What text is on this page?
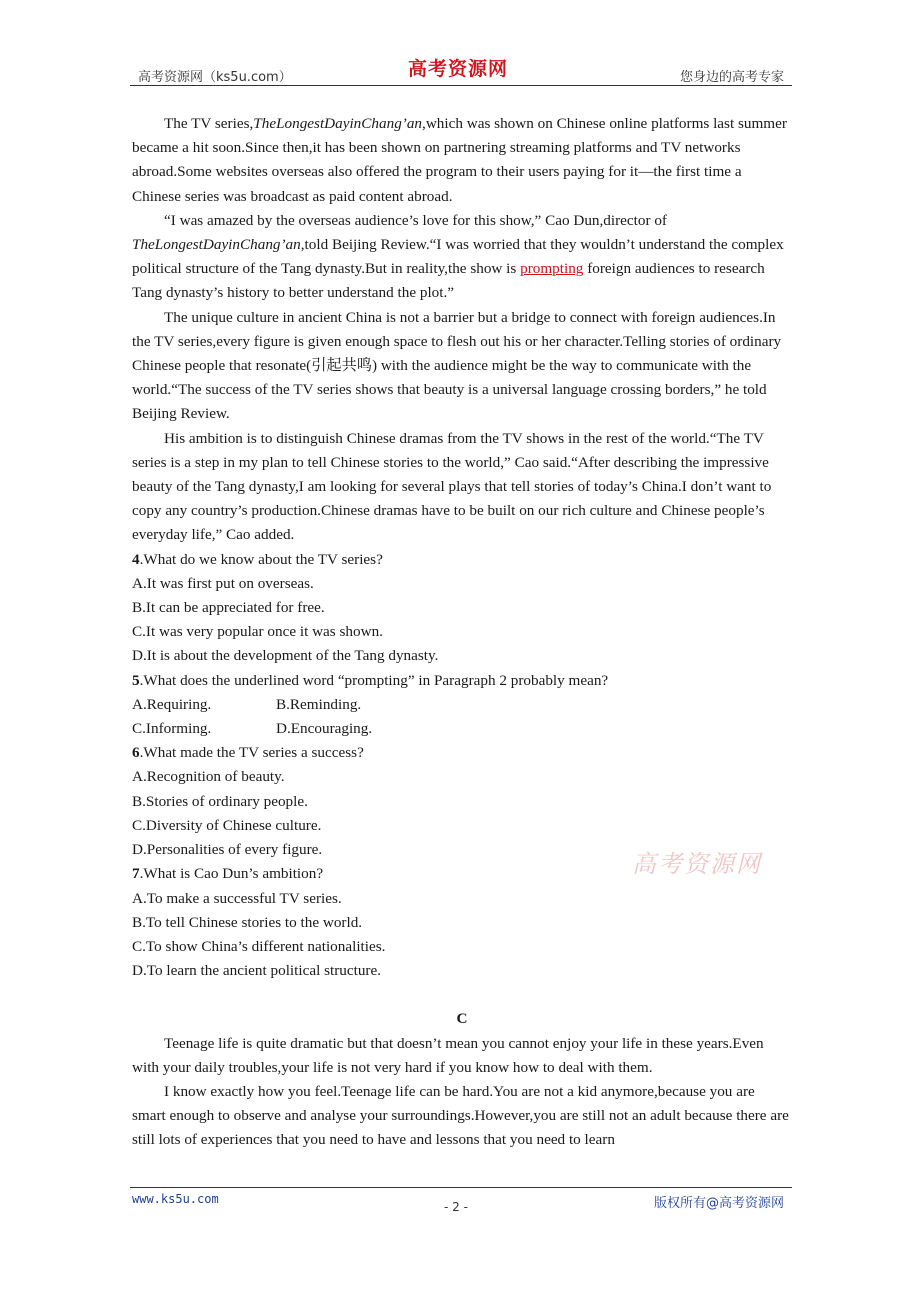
高考资源网（ks5u.com）	高考资源网	您身边的高考专家

The TV series,TheLongestDayinChang’an,which was shown on Chinese online platforms last summer became a hit soon.Since then,it has been shown on partnering streaming platforms and TV networks abroad.Some websites overseas also offered the program to their users paying for it—the first time a Chinese series was broadcast as paid content abroad.

“I was amazed by the overseas audience’s love for this show,” Cao Dun,director of TheLongestDayinChang’an,told Beijing Review.“I was worried that they wouldn’t understand the complex political structure of the Tang dynasty.But in reality,the show is prompting foreign audiences to research Tang dynasty’s history to better understand the plot.”

The unique culture in ancient China is not a barrier but a bridge to connect with foreign audiences.In the TV series,every figure is given enough space to flesh out his or her character.Telling stories of ordinary Chinese people that resonate(引起共鸣) with the audience might be the way to communicate with the world.“The success of the TV series shows that beauty is a universal language crossing borders,” he told Beijing Review.

His ambition is to distinguish Chinese dramas from the TV shows in the rest of the world.“The TV series is a step in my plan to tell Chinese stories to the world,” Cao said.“After describing the impressive beauty of the Tang dynasty,I am looking for several plays that tell stories of today’s China.I don’t want to copy any country’s production.Chinese dramas have to be built on our rich culture and Chinese people’s everyday life,” Cao added.

4.What do we know about the TV series?

A.It was first put on overseas.

B.It can be appreciated for free.

C.It was very popular once it was shown.

D.It is about the development of the Tang dynasty.

5.What does the underlined word “prompting” in Paragraph 2 probably mean?

A.Requiring.	B.Reminding.
C.Informing.	D.Encouraging.

6.What made the TV series a success?

A.Recognition of beauty.

B.Stories of ordinary people.

C.Diversity of Chinese culture.

D.Personalities of every figure.

7.What is Cao Dun’s ambition?

A.To make a successful TV series.

B.To tell Chinese stories to the world.

C.To show China’s different nationalities.

D.To learn the ancient political structure.

C

Teenage life is quite dramatic but that doesn’t mean you cannot enjoy your life in these years.Even with your daily troubles,your life is not very hard if you know how to deal with them.

I know exactly how you feel.Teenage life can be hard.You are not a kid anymore,because you are smart enough to observe and analyse your surroundings.However,you are still not an adult because there are still lots of experiences that you need to have and lessons that you need to learn

高考资源网
www.ks5u.com
- 2 -	版权所有@高考资源网
